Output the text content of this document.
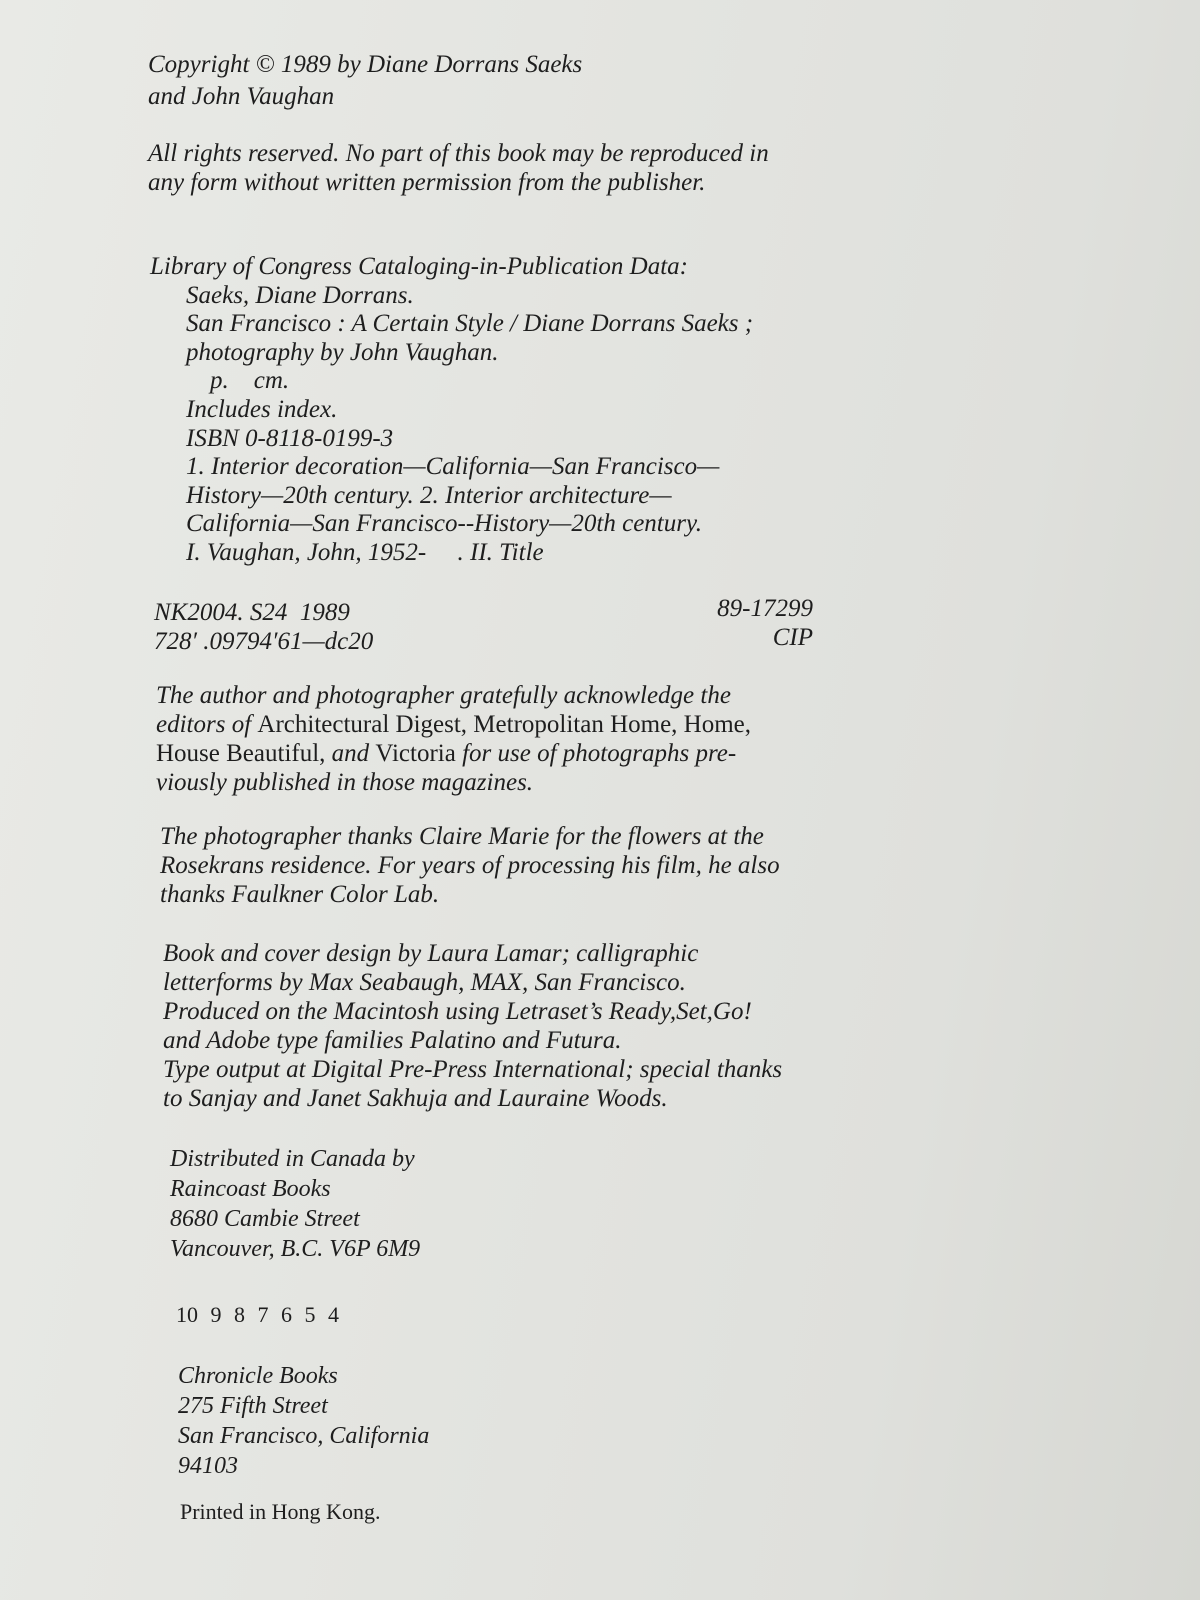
Copyright © 1989 by Diane Dorrans Saeks

and John Vaughan

All rights reserved. No part of this book may be reproduced in

any form without written permission from the publisher.

Library of Congress Cataloging-in-Publication Data:

Saeks, Diane Dorrans.

San Francisco : A Certain Style / Diane Dorrans Saeks ;

photography by John Vaughan.

p.    cm.

Includes index.

ISBN 0-8118-0199-3

1. Interior decoration—California—San Francisco—

History—20th century. 2. Interior architecture—

California—San Francisco--History—20th century.

I. Vaughan, John, 1952-     . II. Title

NK2004. S24  1989

728′ .09794′61—dc20

89-17299

CIP

The author and photographer gratefully acknowledge the

editors of Architectural Digest, Metropolitan Home, Home,

House Beautiful, and Victoria for use of photographs pre-

viously published in those magazines.

The photographer thanks Claire Marie for the flowers at the

Rosekrans residence. For years of processing his film, he also

thanks Faulkner Color Lab.

Book and cover design by Laura Lamar; calligraphic

letterforms by Max Seabaugh, MAX, San Francisco.

Produced on the Macintosh using Letraset’s Ready,Set,Go!

and Adobe type families Palatino and Futura.

Type output at Digital Pre-Press International; special thanks

to Sanjay and Janet Sakhuja and Lauraine Woods.

Distributed in Canada by

Raincoast Books

8680 Cambie Street

Vancouver, B.C. V6P 6M9

10 9 8 7 6 5 4

Chronicle Books

275 Fifth Street

San Francisco, California

94103

Printed in Hong Kong.
